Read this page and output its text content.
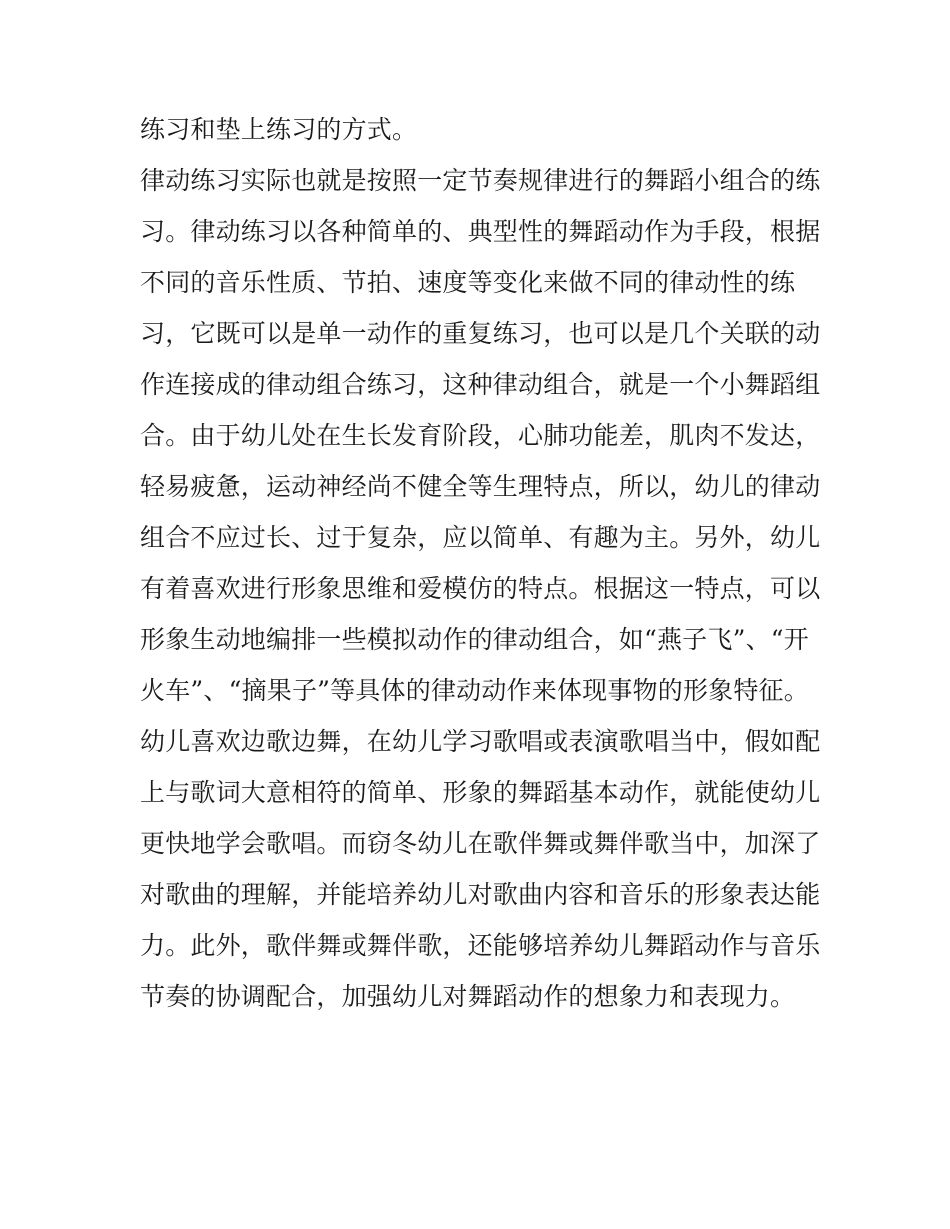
练习和垫上练习的方式。
律动练习实际也就是按照一定节奏规律进行的舞蹈小组合的练
习。律动练习以各种简单的、典型性的舞蹈动作为手段，根据
不同的音乐性质、节拍、速度等变化来做不同的律动性的练
习，它既可以是单一动作的重复练习，也可以是几个关联的动
作连接成的律动组合练习，这种律动组合，就是一个小舞蹈组
合。由于幼儿处在生长发育阶段，心肺功能差，肌肉不发达，
轻易疲惫，运动神经尚不健全等生理特点，所以，幼儿的律动
组合不应过长、过于复杂，应以简单、有趣为主。另外，幼儿
有着喜欢进行形象思维和爱模仿的特点。根据这一特点，可以
形象生动地编排一些模拟动作的律动组合，如“燕子飞”、“开
火车”、“摘果子”等具体的律动动作来体现事物的形象特征。
幼儿喜欢边歌边舞，在幼儿学习歌唱或表演歌唱当中，假如配
上与歌词大意相符的简单、形象的舞蹈基本动作，就能使幼儿
更快地学会歌唱。而窃冬幼儿在歌伴舞或舞伴歌当中，加深了
对歌曲的理解，并能培养幼儿对歌曲内容和音乐的形象表达能
力。此外，歌伴舞或舞伴歌，还能够培养幼儿舞蹈动作与音乐
节奏的协调配合，加强幼儿对舞蹈动作的想象力和表现力。
